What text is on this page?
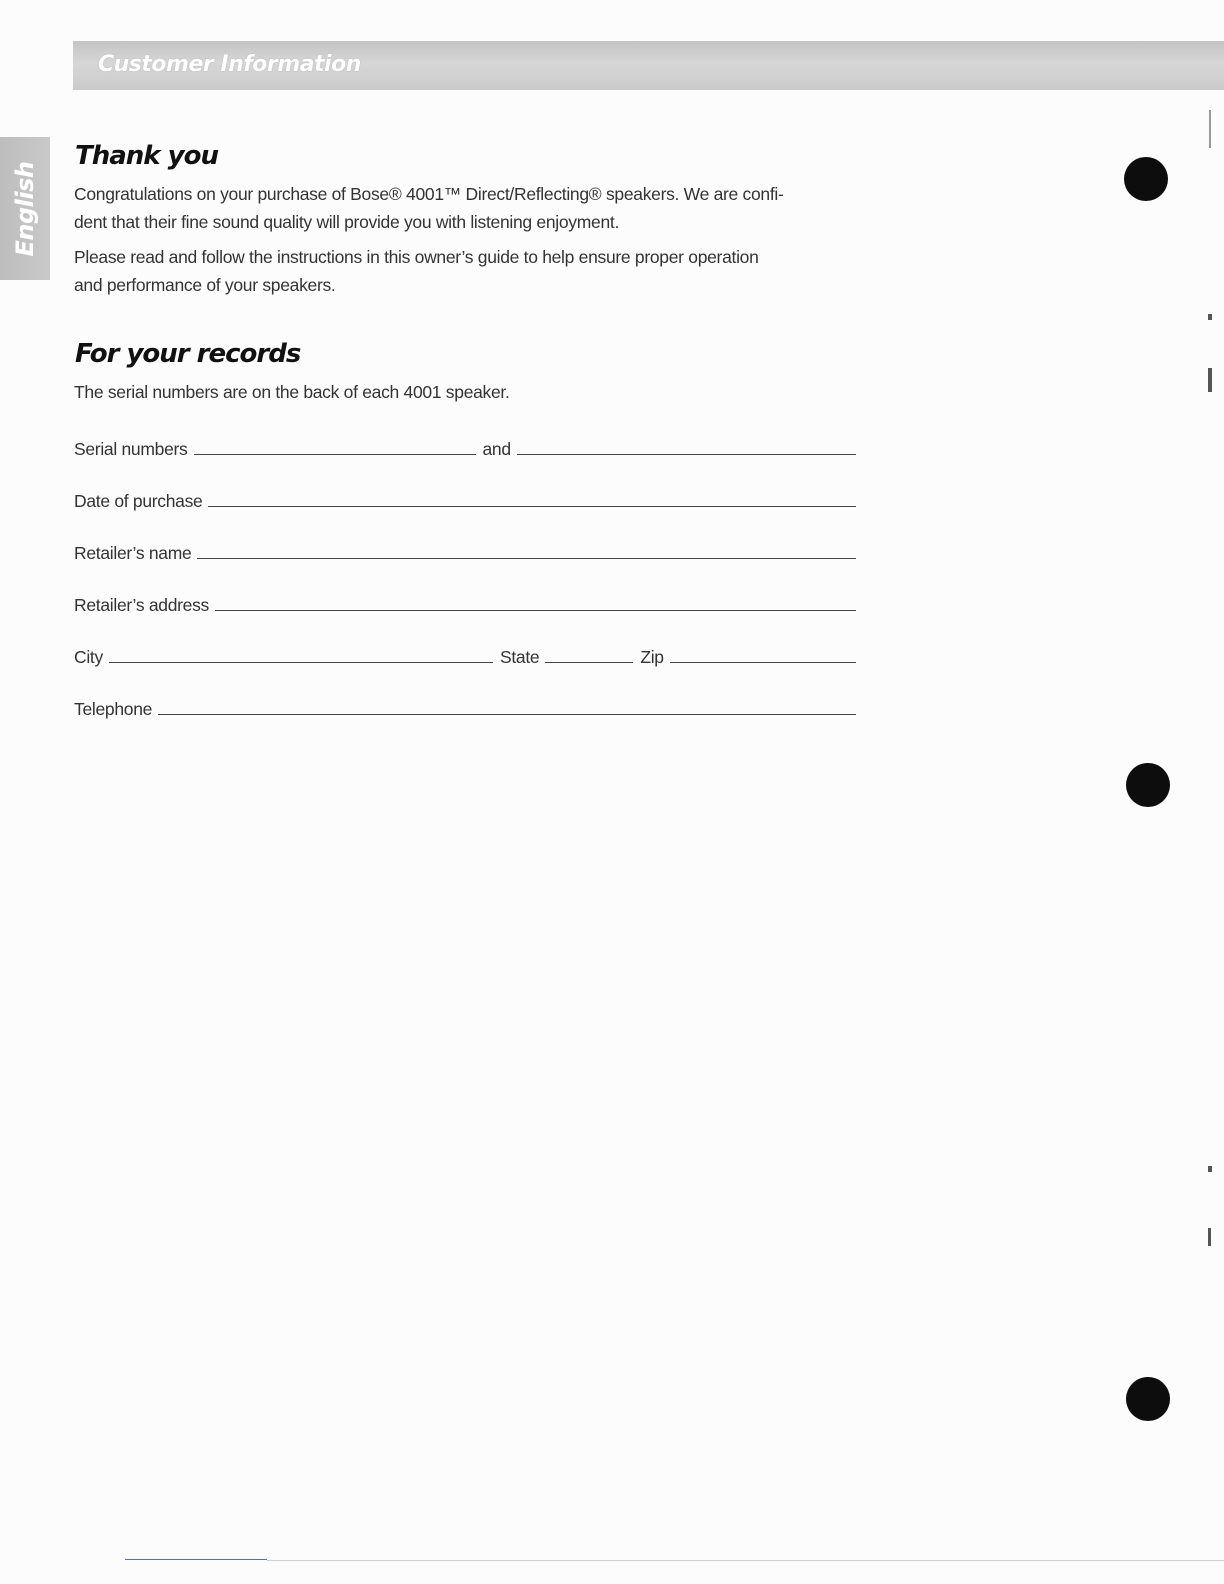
Customer Information
English
Thank you

Congratulations on your purchase of Bose® 4001™ Direct/Reflecting® speakers. We are confi-
dent that their fine sound quality will provide you with listening enjoyment.

Please read and follow the instructions in this owner’s guide to help ensure proper operation
and performance of your speakers.

For your records

The serial numbers are on the back of each 4001 speaker.

Serial numbers	and
Date of purchase
Retailer’s name
Retailer’s address
City	State	Zip
Telephone
